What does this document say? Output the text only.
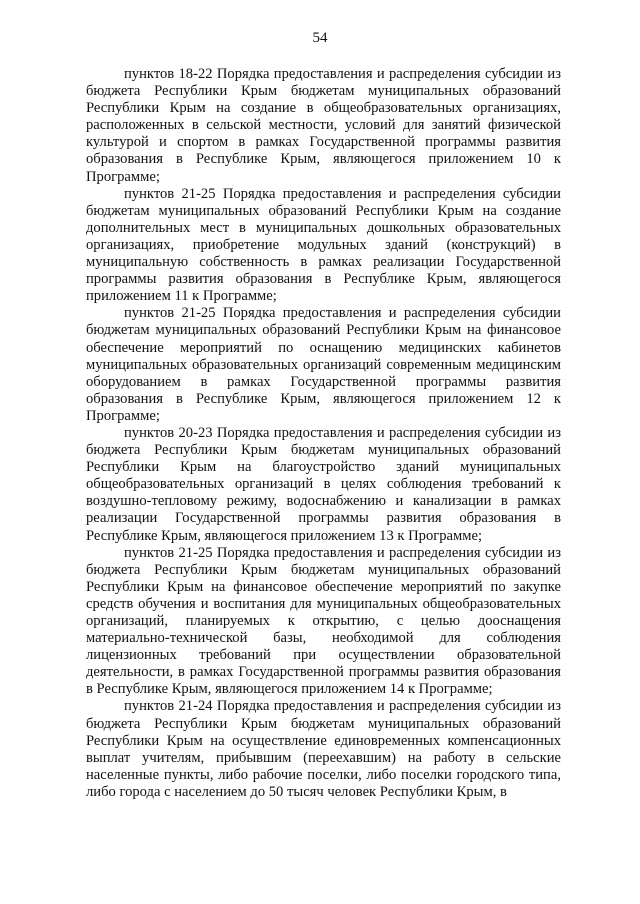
54

пунктов 18-22 Порядка предоставления и распределения субсидии из бюджета Республики Крым бюджетам муниципальных образований Республики Крым на создание в общеобразовательных организациях, расположенных в сельской местности, условий для занятий физической культурой и спортом в рамках Государственной программы развития образования в Республике Крым, являющегося приложением 10 к Программе;

пунктов 21-25 Порядка предоставления и распределения субсидии бюджетам муниципальных образований Республики Крым на создание дополнительных мест в муниципальных дошкольных образовательных организациях, приобретение модульных зданий (конструкций) в муниципальную собственность в рамках реализации Государственной программы развития образования в Республике Крым, являющегося приложением 11 к Программе;

пунктов 21-25 Порядка предоставления и распределения субсидии бюджетам муниципальных образований Республики Крым на финансовое обеспечение мероприятий по оснащению медицинских кабинетов муниципальных образовательных организаций современным медицинским оборудованием в рамках Государственной программы развития образования в Республике Крым, являющегося приложением 12 к Программе;

пунктов 20-23 Порядка предоставления и распределения субсидии из бюджета Республики Крым бюджетам муниципальных образований Республики Крым на благоустройство зданий муниципальных общеобразовательных организаций в целях соблюдения требований к воздушно-тепловому режиму, водоснабжению и канализации в рамках реализации Государственной программы развития образования в Республике Крым, являющегося приложением 13 к Программе;

пунктов 21-25 Порядка предоставления и распределения субсидии из бюджета Республики Крым бюджетам муниципальных образований Республики Крым на финансовое обеспечение мероприятий по закупке средств обучения и воспитания для муниципальных общеобразовательных организаций, планируемых к открытию, с целью дооснащения материально-технической базы, необходимой для соблюдения лицензионных требований при осуществлении образовательной деятельности, в рамках Государственной программы развития образования в Республике Крым, являющегося приложением 14 к Программе;

пунктов 21-24 Порядка предоставления и распределения субсидии из бюджета Республики Крым бюджетам муниципальных образований Республики Крым на осуществление единовременных компенсационных выплат учителям, прибывшим (переехавшим) на работу в сельские населенные пункты, либо рабочие поселки, либо поселки городского типа, либо города с населением до 50 тысяч человек Республики Крым, в
